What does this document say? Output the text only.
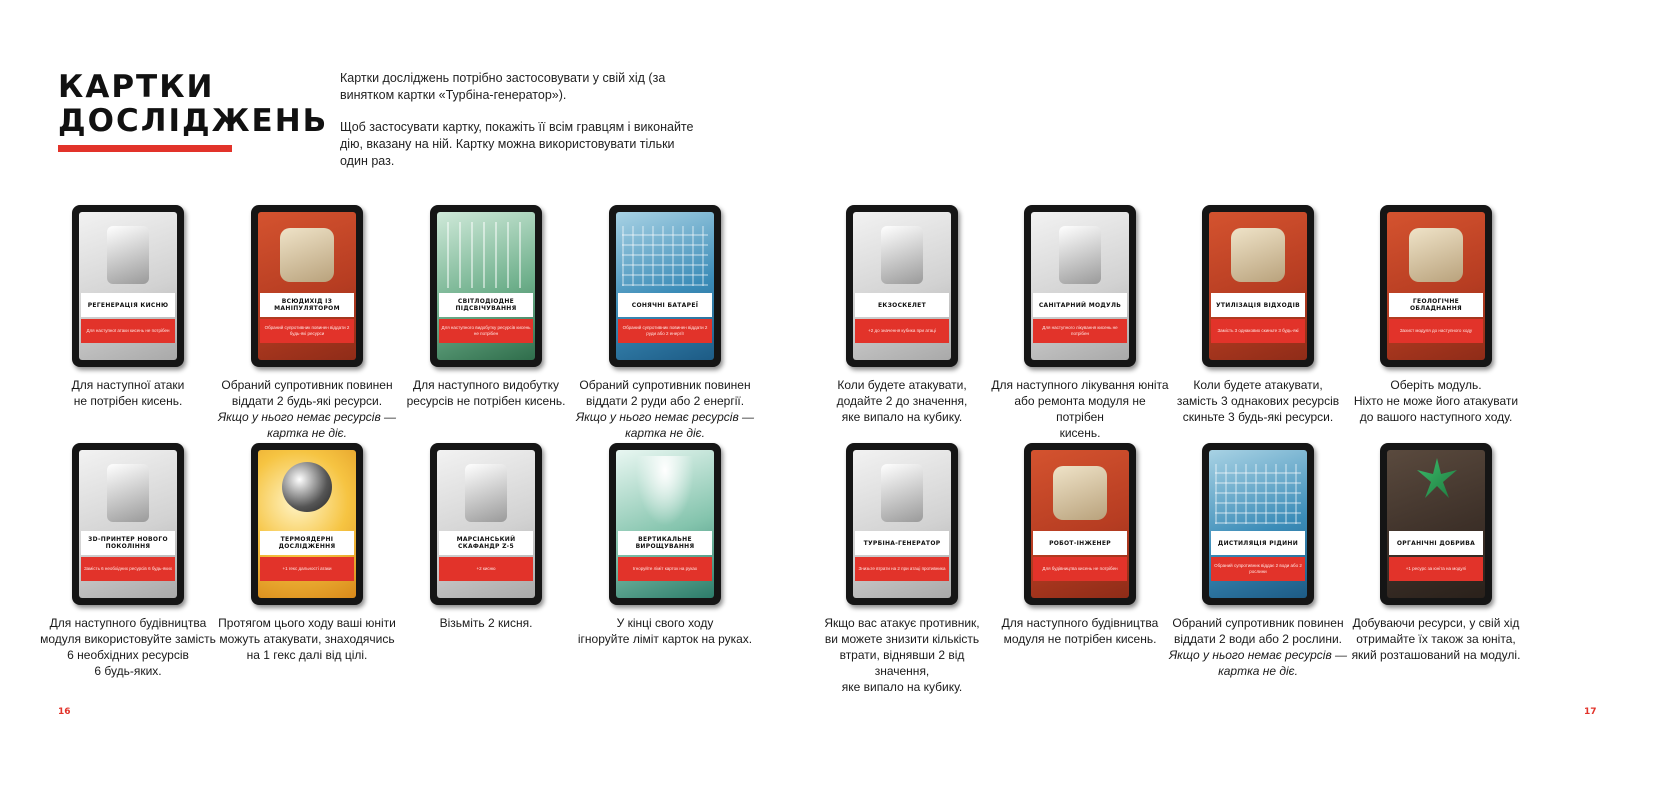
КАРТКИ
ДОСЛІДЖЕНЬ

Картки досліджень потрібно застосовувати у свій хід (за винятком картки «Турбіна-генератор»).

Щоб застосувати картку, покажіть її всім гравцям і виконайте дію, вказану на ній. Картку можна використовувати тільки один раз.

РЕГЕНЕРАЦІЯ КИСНЮ
Для наступної атаки кисень не потрібен
Для наступної атаки
не потрібен кисень.
ВСЮДИХІД ІЗ МАНІПУЛЯТОРОМ
Обраний супротивник повинен віддати 2 будь-які ресурси
Обраний супротивник повинен
віддати 2 будь-які ресурси.
Якщо у нього немає ресурсів —
картка не діє.
СВІТЛОДІОДНЕ ПІДСВІЧУВАННЯ
Для наступного видобутку ресурсів кисень не потрібен
Для наступного видобутку
ресурсів не потрібен кисень.
СОНЯЧНІ БАТАРЕЇ
Обраний супротивник повинен віддати 2 руди або 2 енергії
Обраний супротивник повинен
віддати 2 руди або 2 енергії.
Якщо у нього немає ресурсів —
картка не діє.
ЕКЗОСКЕЛЕТ
+2 до значення кубика при атаці
Коли будете атакувати,
додайте 2 до значення,
яке випало на кубику.
САНІТАРНИЙ МОДУЛЬ
Для наступного лікування кисень не потрібен
Для наступного лікування юніта
або ремонта модуля не потрібен
кисень.
УТИЛІЗАЦІЯ ВІДХОДІВ
Замість 3 однакових скиньте 3 будь-які
Коли будете атакувати,
замість 3 однакових ресурсів
скиньте 3 будь-які ресурси.
ГЕОЛОГІЧНЕ ОБЛАДНАННЯ
Захист модуля до наступного ходу
Оберіть модуль.
Ніхто не може його атакувати
до вашого наступного ходу.
3D-ПРИНТЕР НОВОГО ПОКОЛІННЯ
Замість 6 необхідних ресурсів 6 будь-яких
Для наступного будівництва
модуля використовуйте замість
6 необхідних ресурсів
6 будь-яких.
ТЕРМОЯДЕРНІ ДОСЛІДЖЕННЯ
+1 гекс дальності атаки
Протягом цього ходу ваші юніти
можуть атакувати, знаходячись
на 1 гекс далі від цілі.
МАРСІАНСЬКИЙ СКАФАНДР Z-5
+2 кисню
Візьміть 2 кисня.
ВЕРТИКАЛЬНЕ ВИРОЩУВАННЯ
Ігноруйте ліміт карток на руках
У кінці свого ходу
ігноруйте ліміт карток на руках.
ТУРБІНА-ГЕНЕРАТОР
Знизьте втрати на 2 при атаці противника
Якщо вас атакує противник,
ви можете знизити кількість
втрати, віднявши 2 від значення,
яке випало на кубику.
РОБОТ-ІНЖЕНЕР
Для будівництва кисень не потрібен
Для наступного будівництва
модуля не потрібен кисень.
ДИСТИЛЯЦІЯ РІДИНИ
Обраний супротивник віддає 2 води або 2 рослини
Обраний супротивник повинен
віддати 2 води або 2 рослини.
Якщо у нього немає ресурсів —
картка не діє.
ОРГАНІЧНІ ДОБРИВА
+1 ресурс за юніта на модулі
Добуваючи ресурси, у свій хід
отримайте їх також за юніта,
який розташований на модулі.
16	17
